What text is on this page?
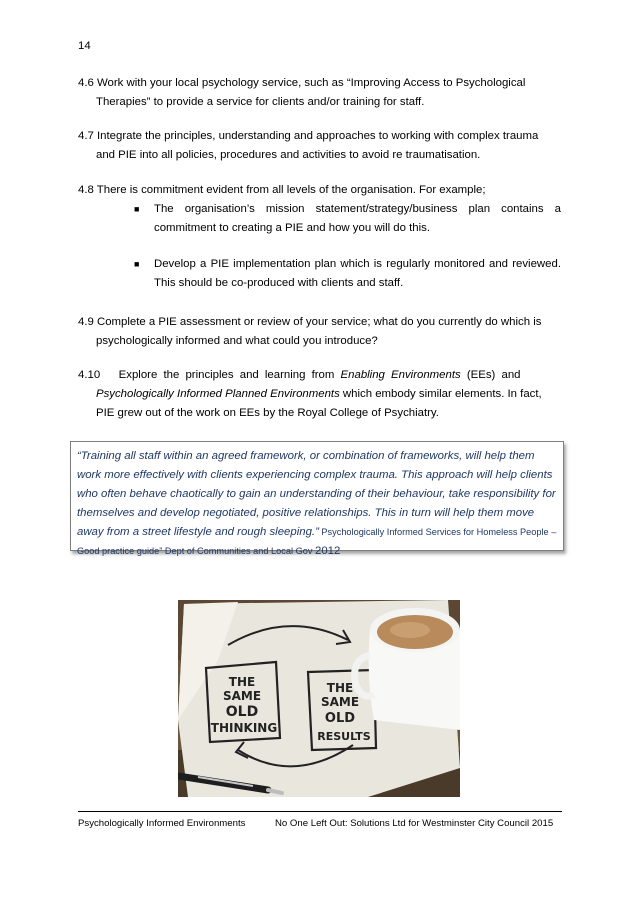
14
4.6 Work with your local psychology service, such as “Improving Access to Psychological
Therapies” to provide a service for clients and/or training for staff.
4.7 Integrate the principles, understanding and approaches to working with complex trauma
and PIE into all policies, procedures and activities to avoid re traumatisation.
4.8 There is commitment evident from all levels of the organisation. For example;
■	The organisation’s mission statement/strategy/business plan contains a commitment to creating a PIE and how you will do this.
■	Develop a PIE implementation plan which is regularly monitored and reviewed. This should be co-produced with clients and staff.
4.9 Complete a PIE assessment or review of your service; what do you currently do which is
psychologically informed and what could you introduce?
4.10 Explore the principles and learning from Enabling Environments (EEs) and
Psychologically Informed Planned Environments which embody similar elements. In fact,
PIE grew out of the work on EEs by the Royal College of Psychiatry.
“Training all staff within an agreed framework, or combination of frameworks, will help them work more effectively with clients experiencing complex trauma. This approach will help clients who often behave chaotically to gain an understanding of their behaviour, take responsibility for themselves and develop negotiated, positive relationships. This in turn will help them move away from a street lifestyle and rough sleeping.” Psychologically Informed Services for Homeless People – Good practice guide” Dept of Communities and Local Gov 2012
THE
SAME
OLD
THINKING
THE
SAME
OLD
RESULTS
Psychologically Informed Environments	No One Left Out: Solutions Ltd for Westminster City Council 2015
